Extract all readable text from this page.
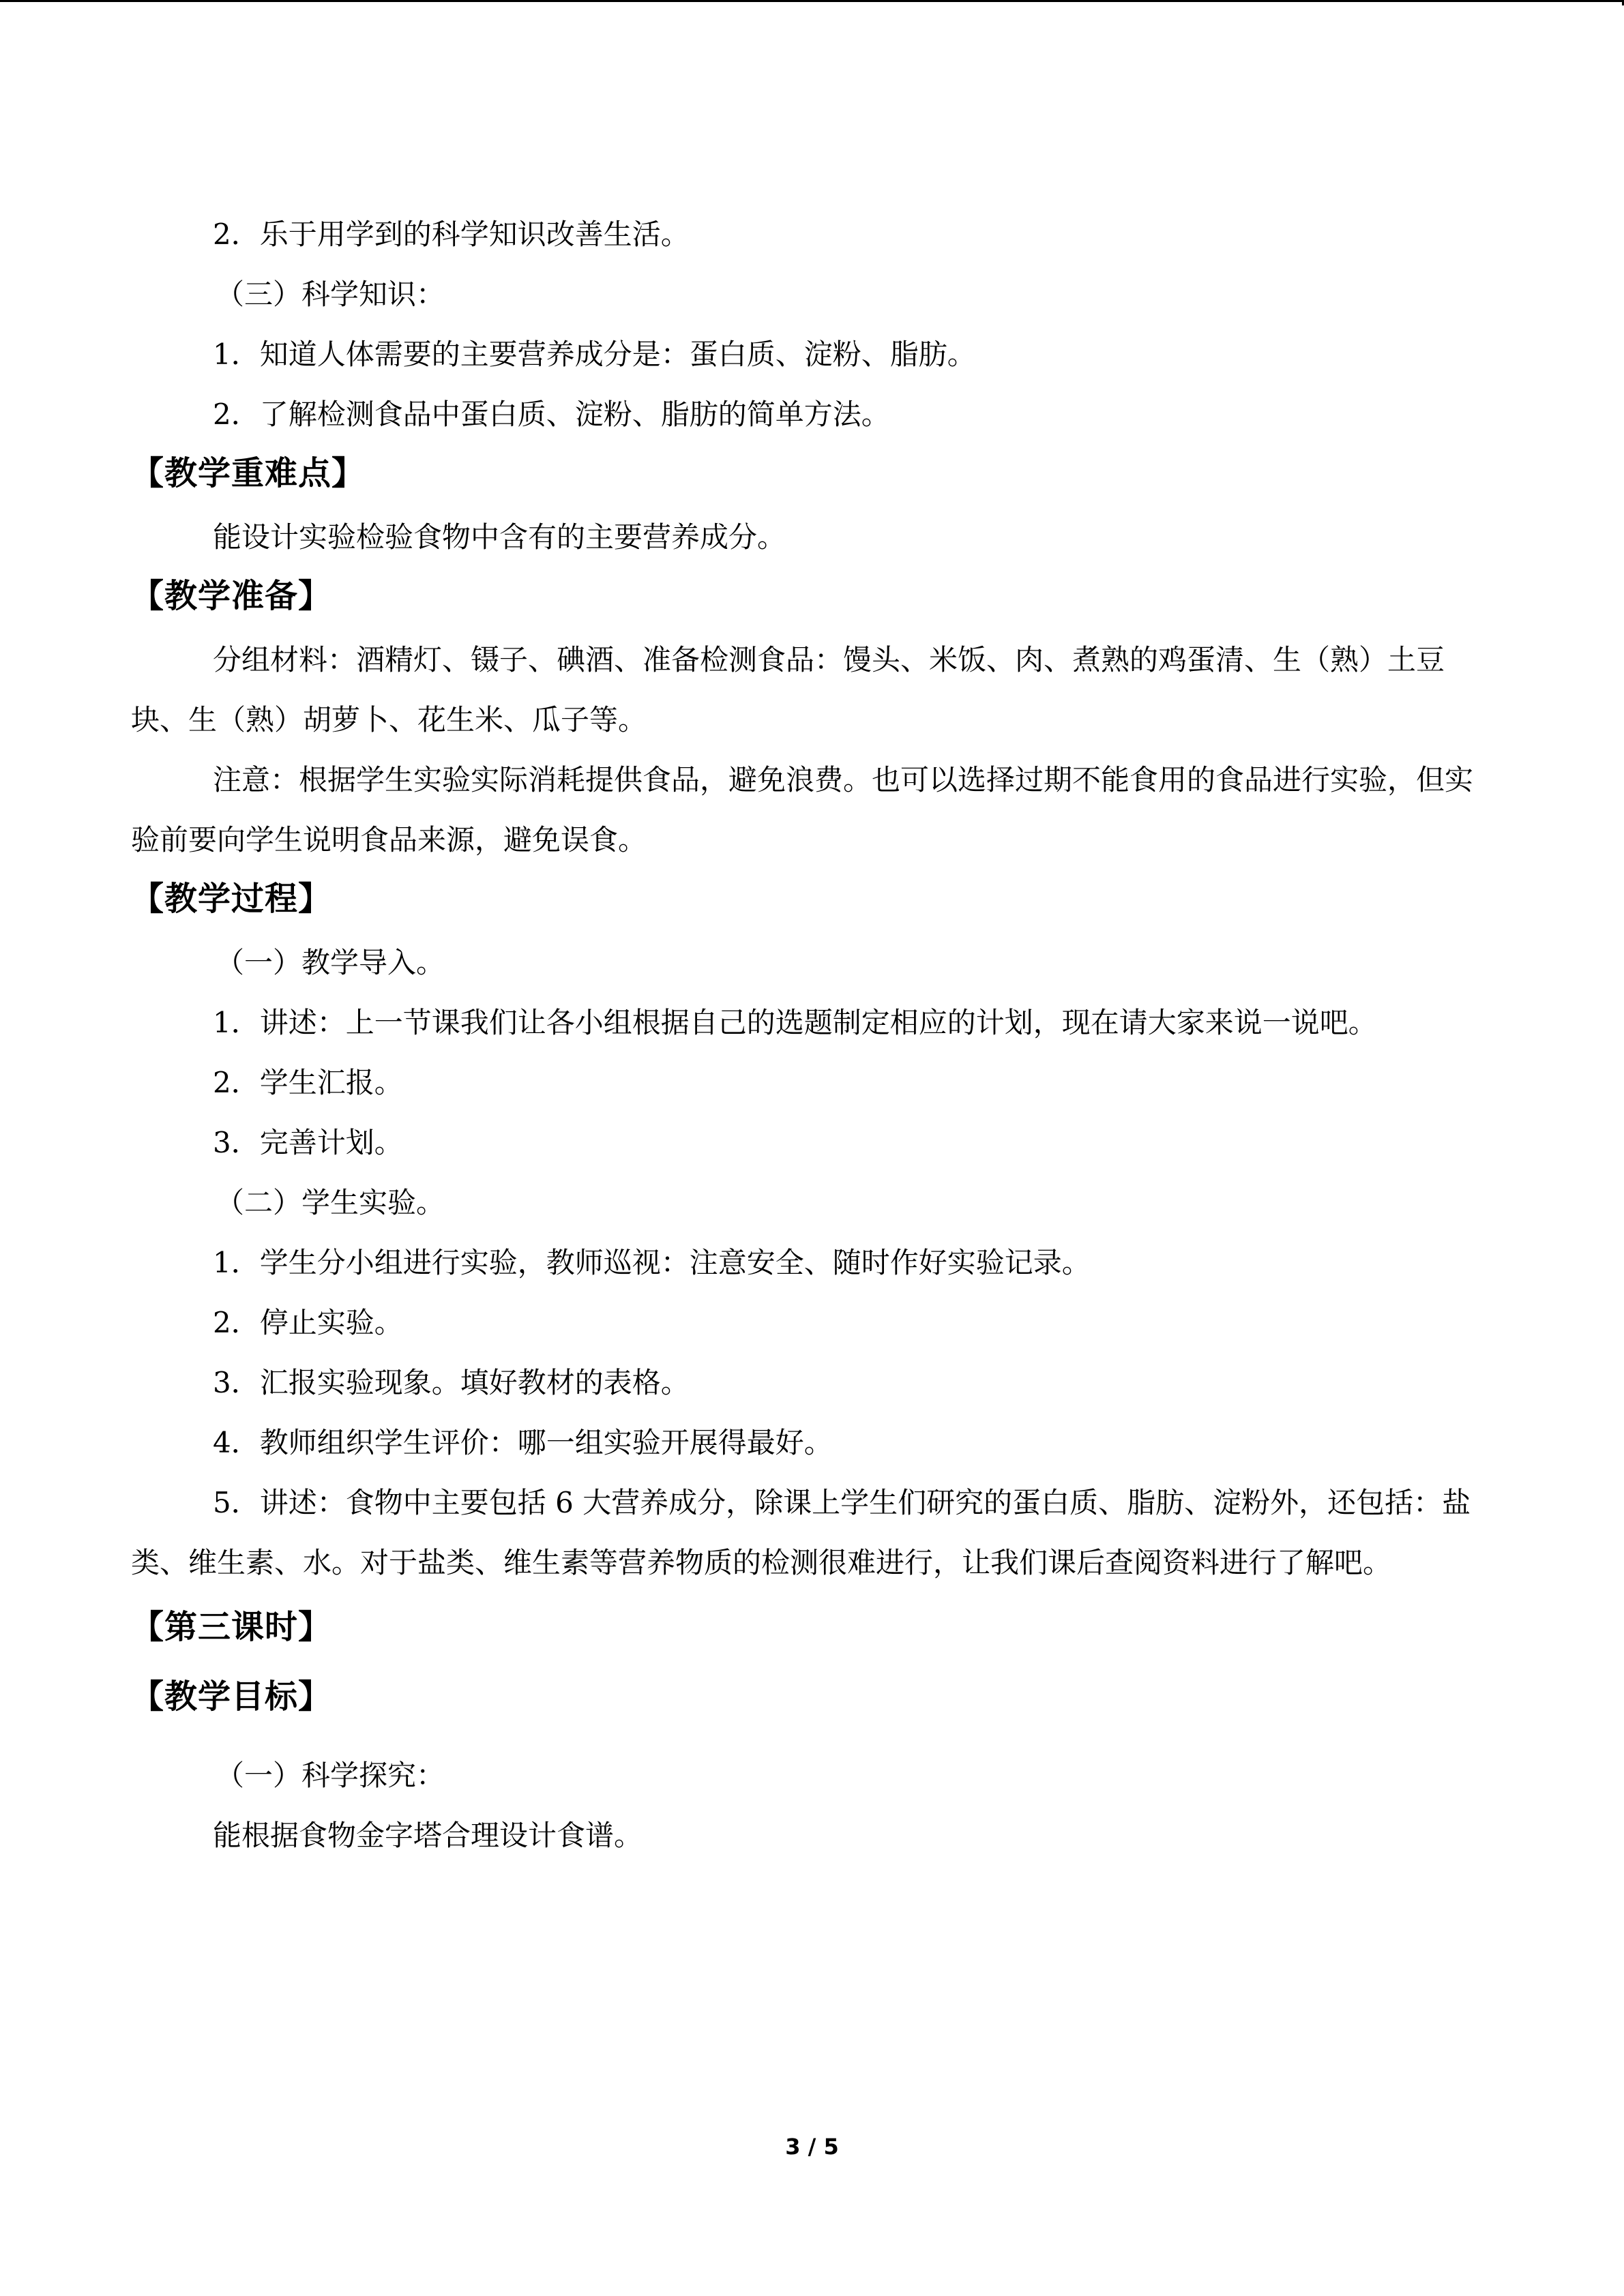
2．乐于用学到的科学知识改善生活。

（三）科学知识：

1．知道人体需要的主要营养成分是：蛋白质、淀粉、脂肪。

2．了解检测食品中蛋白质、淀粉、脂肪的简单方法。

【教学重难点】

能设计实验检验食物中含有的主要营养成分。

【教学准备】

分组材料：酒精灯、镊子、碘酒、准备检测食品：馒头、米饭、肉、煮熟的鸡蛋清、生（熟）土豆块、生（熟）胡萝卜、花生米、瓜子等。

注意：根据学生实验实际消耗提供食品，避免浪费。也可以选择过期不能食用的食品进行实验，但实验前要向学生说明食品来源，避免误食。

【教学过程】

（一）教学导入。

1．讲述：上一节课我们让各小组根据自己的选题制定相应的计划，现在请大家来说一说吧。

2．学生汇报。

3．完善计划。

（二）学生实验。

1．学生分小组进行实验，教师巡视：注意安全、随时作好实验记录。

2．停止实验。

3．汇报实验现象。填好教材的表格。

4．教师组织学生评价：哪一组实验开展得最好。

5．讲述：食物中主要包括 6 大营养成分，除课上学生们研究的蛋白质、脂肪、淀粉外，还包括：盐类、维生素、水。对于盐类、维生素等营养物质的检测很难进行，让我们课后查阅资料进行了解吧。

【第三课时】
【教学目标】

（一）科学探究：

能根据食物金字塔合理设计食谱。

3 / 5
